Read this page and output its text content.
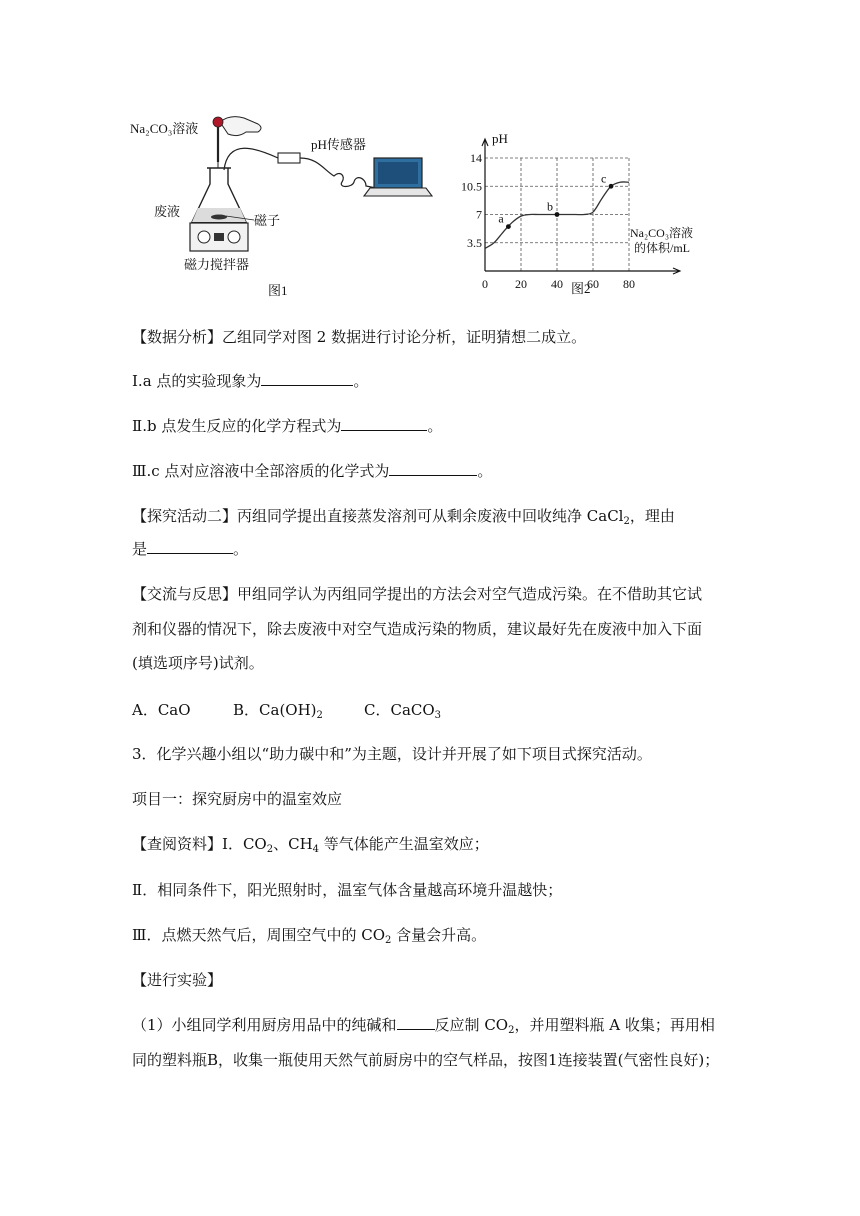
Na₂CO₃溶液
废液
磁子
磁力搅拌器
pH传感器
图1
14
10.5
7
3.5
0 20 40 60 80
a
b
c
pH
Na₂CO₃溶液
的体积/mL
图2
【数据分析】乙组同学对图 2 数据进行讨论分析，证明猜想二成立。
I.a 点的实验现象为	。
Ⅱ.b 点发生反应的化学方程式为	。
Ⅲ.c 点对应溶液中全部溶质的化学式为	。
【探究活动二】丙组同学提出直接蒸发溶剂可从剩余废液中回收纯净 CaCl$_2$，理由
是	。
【交流与反思】甲组同学认为丙组同学提出的方法会对空气造成污染。在不借助其它试
剂和仪器的情况下，除去废液中对空气造成污染的物质，建议最好先在废液中加入下面
(填选项序号)试剂。
A．CaO	B．$Ca(OH)_2$	C．CaCO$_3$
3．化学兴趣小组以“助力碳中和”为主题，设计并开展了如下项目式探究活动。
项目一：探究厨房中的温室效应
【查阅资料】Ⅰ．$CO_2$、$CH_4$ 等气体能产生温室效应；
Ⅱ．相同条件下，阳光照射时，温室气体含量越高环境升温越快；
Ⅲ．点燃天然气后，周围空气中的 $CO_2$ 含量会升高。
【进行实验】
（1）小组同学利用厨房用品中的纯碱和	反应制 $CO_2$，并用塑料瓶 A 收集；再用相
同的塑料瓶B，收集一瓶使用天然气前厨房中的空气样品，按图1连接装置(气密性良好)；
